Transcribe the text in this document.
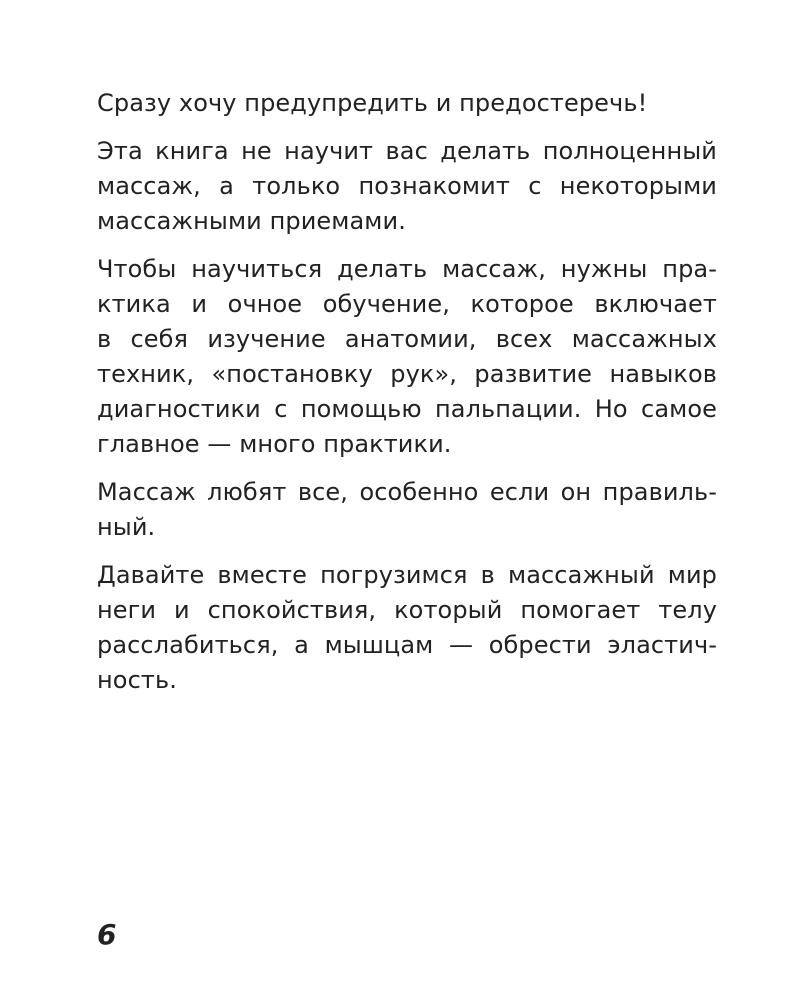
Сразу хочу предупредить и предостеречь!

Эта книга не научит вас делать полноценный
массаж, а только познакомит с некоторыми
массажными приемами.

Чтобы научиться делать массаж, нужны пра-
ктика и очное обучение, которое включает
в себя изучение анатомии, всех массажных
техник, «постановку рук», развитие навыков
диагностики с помощью пальпации. Но самое
главное — много практики.

Массаж любят все, особенно если он правиль-
ный.

Давайте вместе погрузимся в массажный мир
неги и спокойствия, который помогает телу
расслабиться, а мышцам — обрести эластич-
ность.

6
